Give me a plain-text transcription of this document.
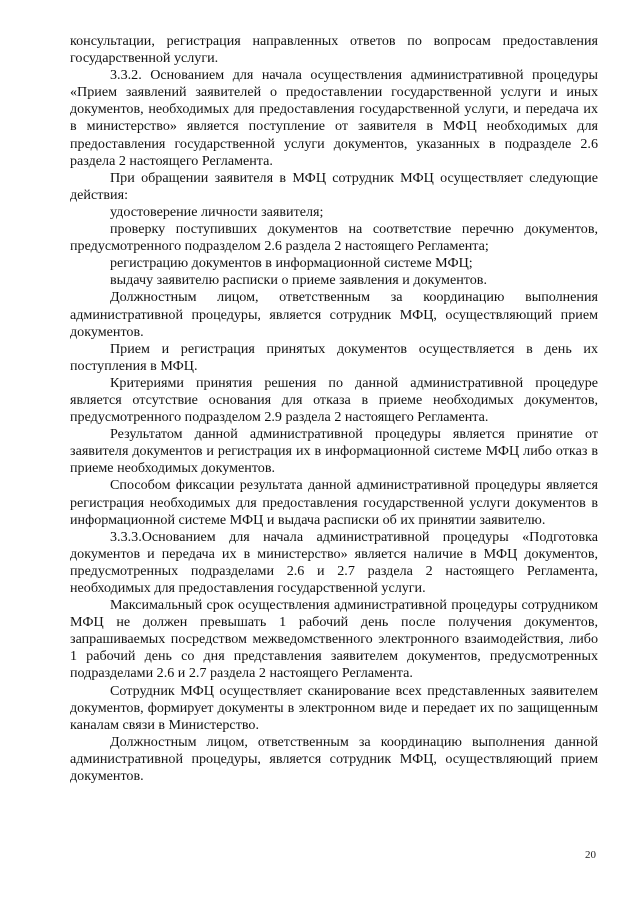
консультации, регистрация направленных ответов по вопросам предоставления государственной услуги.

3.3.2. Основанием для начала осуществления административной процедуры «Прием заявлений заявителей о предоставлении государственной услуги и иных документов, необходимых для предоставления государственной услуги, и передача их в министерство» является поступление от заявителя в МФЦ необходимых для предоставления государственной услуги документов, указанных в подразделе 2.6 раздела 2 настоящего Регламента.

При обращении заявителя в МФЦ сотрудник МФЦ осуществляет следующие действия:

удостоверение личности заявителя;

проверку поступивших документов на соответствие перечню документов, предусмотренного подразделом 2.6 раздела 2 настоящего Регламента;

регистрацию документов в информационной системе МФЦ;

выдачу заявителю расписки о приеме заявления и документов.

Должностным лицом, ответственным за координацию выполнения административной процедуры, является сотрудник МФЦ, осуществляющий прием документов.

Прием и регистрация принятых документов осуществляется в день их поступления в МФЦ.

Критериями принятия решения по данной административной процедуре является отсутствие основания для отказа в приеме необходимых документов, предусмотренного подразделом 2.9 раздела 2 настоящего Регламента.

Результатом данной административной процедуры является принятие от заявителя документов и регистрация их в информационной системе МФЦ либо отказ в приеме необходимых документов.

Способом фиксации результата данной административной процедуры является регистрация необходимых для предоставления государственной услуги документов в информационной системе МФЦ и выдача расписки об их принятии заявителю.

3.3.3.Основанием для начала административной процедуры «Подготовка документов и передача их в министерство» является наличие в МФЦ документов, предусмотренных подразделами 2.6 и 2.7 раздела 2 настоящего Регламента, необходимых для предоставления государственной услуги.

Максимальный срок осуществления административной процедуры сотрудником МФЦ не должен превышать 1 рабочий день после получения документов, запрашиваемых посредством межведомственного электронного взаимодействия, либо 1 рабочий день со дня представления заявителем документов, предусмотренных подразделами 2.6 и 2.7 раздела 2 настоящего Регламента.

Сотрудник МФЦ осуществляет сканирование всех представленных заявителем документов, формирует документы в электронном виде и передает их по защищенным каналам связи в Министерство.

Должностным лицом, ответственным за координацию выполнения данной административной процедуры, является сотрудник МФЦ, осуществляющий прием документов.

20
